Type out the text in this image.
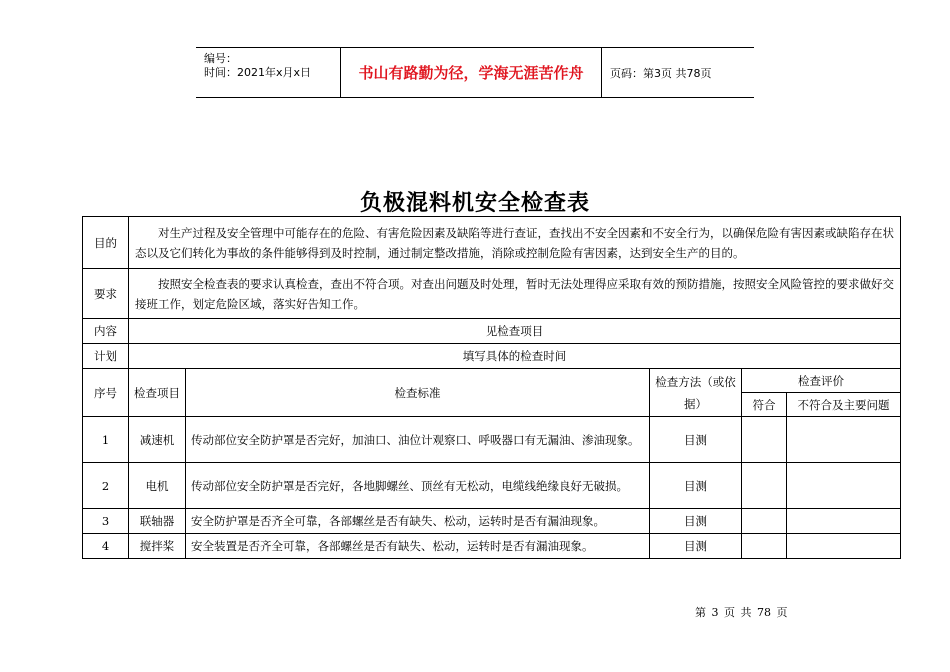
编号：
时间：2021年x月x日	书山有路勤为径，学海无涯苦作舟	页码：第3页 共78页
负极混料机安全检查表
目的	对生产过程及安全管理中可能存在的危险、有害危险因素及缺陷等进行查证，查找出不安全因素和不安全行为，以确保危险有害因素或缺陷存在状态以及它们转化为事故的条件能够得到及时控制，通过制定整改措施，消除或控制危险有害因素，达到安全生产的目的。				
要求	按照安全检查表的要求认真检查，查出不符合项。对查出问题及时处理，暂时无法处理得应采取有效的预防措施，按照安全风险管控的要求做好交接班工作，划定危险区域，落实好告知工作。				
内容	见检查项目				
计划	填写具体的检查时间				
序号	检查项目	检查标准	检查方法（或依据）	检查评价	
				符合	不符合及主要问题
1	减速机	传动部位安全防护罩是否完好，加油口、油位计观察口、呼吸器口有无漏油、渗油现象。	目测		
2	电机	传动部位安全防护罩是否完好，各地脚螺丝、顶丝有无松动，电缆线绝缘良好无破损。	目测		
3	联轴器	安全防护罩是否齐全可靠，各部螺丝是否有缺失、松动，运转时是否有漏油现象。	目测		
4	搅拌桨	安全装置是否齐全可靠，各部螺丝是否有缺失、松动，运转时是否有漏油现象。	目测		
第 3 页 共 78 页
